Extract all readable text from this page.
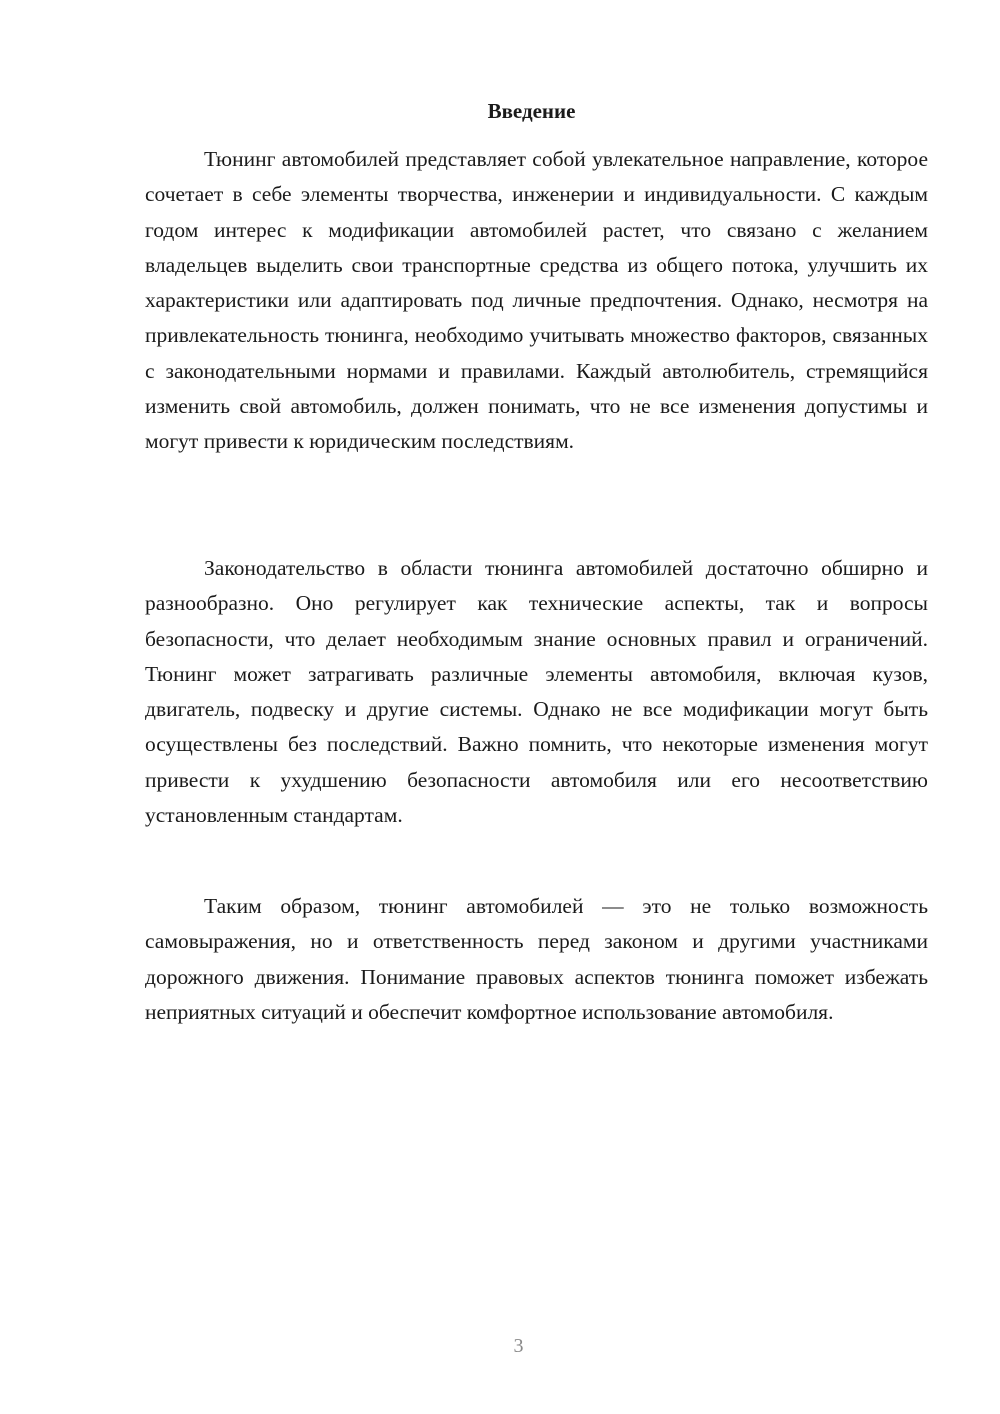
Введение

Тюнинг автомобилей представляет собой увлекательное направление, которое сочетает в себе элементы творчества, инженерии и индивидуальности. С каждым годом интерес к модификации автомобилей растет, что связано с желанием владельцев выделить свои транспортные средства из общего потока, улучшить их характеристики или адаптировать под личные предпочтения. Однако, несмотря на привлекательность тюнинга, необходимо учитывать множество факторов, связанных с законодательными нормами и правилами. Каждый автолюбитель, стремящийся изменить свой автомобиль, должен понимать, что не все изменения допустимы и могут привести к юридическим последствиям.

Законодательство в области тюнинга автомобилей достаточно обширно и разнообразно. Оно регулирует как технические аспекты, так и вопросы безопасности, что делает необходимым знание основных правил и ограничений. Тюнинг может затрагивать различные элементы автомобиля, включая кузов, двигатель, подвеску и другие системы. Однако не все модификации могут быть осуществлены без последствий. Важно помнить, что некоторые изменения могут привести к ухудшению безопасности автомобиля или его несоответствию установленным стандартам.

Таким образом, тюнинг автомобилей — это не только возможность самовыражения, но и ответственность перед законом и другими участниками дорожного движения. Понимание правовых аспектов тюнинга поможет избежать неприятных ситуаций и обеспечит комфортное использование автомобиля.

3
